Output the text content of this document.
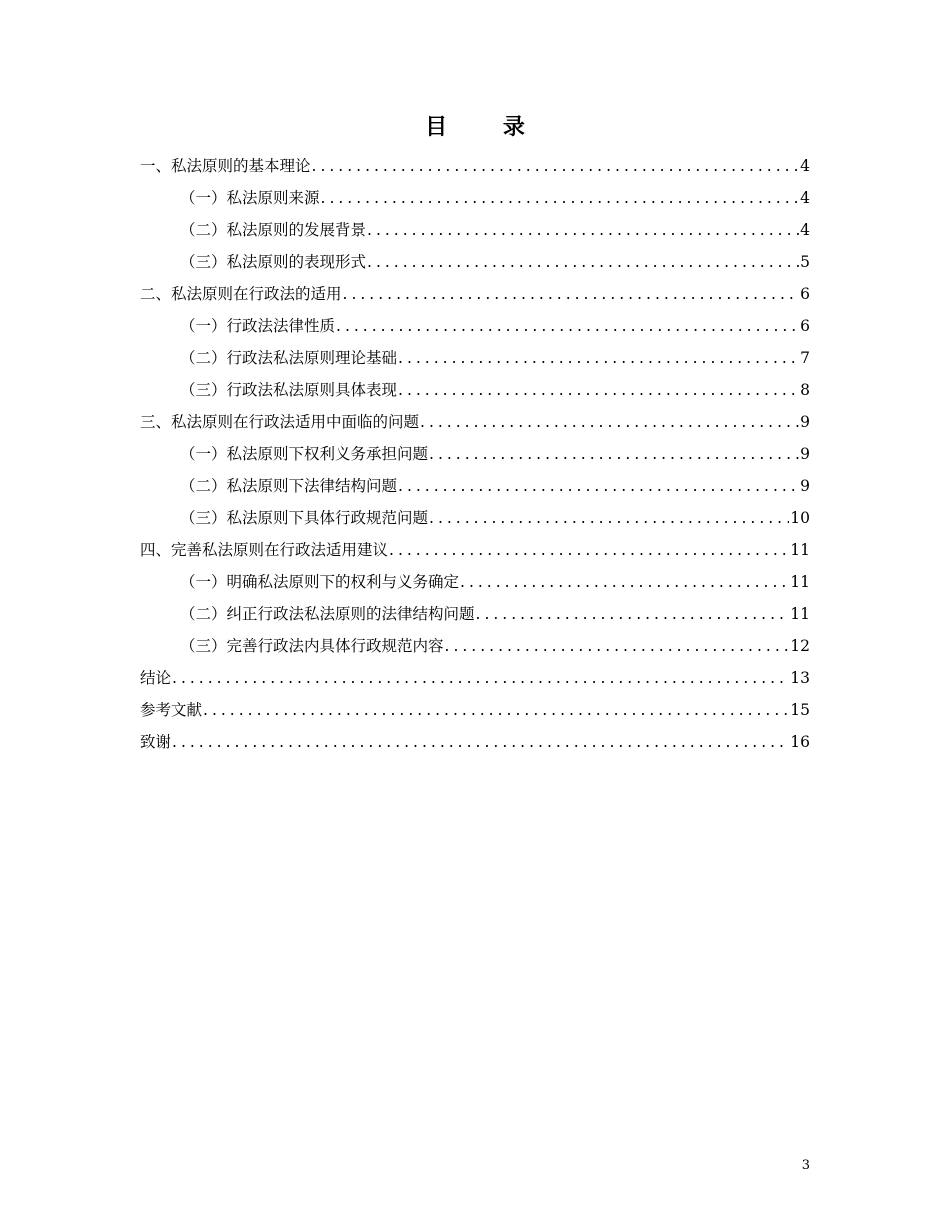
目 录
一、私法原则的基本理论 .....	4
（一）私法原则来源 .....	4
（二）私法原则的发展背景 .....	4
（三）私法原则的表现形式 .....	5
二、私法原则在行政法的适用 .....	6
（一）行政法法律性质 .....	6
（二）行政法私法原则理论基础 .....	7
（三）行政法私法原则具体表现 .....	8
三、私法原则在行政法适用中面临的问题 .....	9
（一）私法原则下权利义务承担问题 .....	9
（二）私法原则下法律结构问题 .....	9
（三）私法原则下具体行政规范问题 .....	10
四、完善私法原则在行政法适用建议 .....	11
（一）明确私法原则下的权利与义务确定 .....	11
（二）纠正行政法私法原则的法律结构问题 .....	11
（三）完善行政法内具体行政规范内容 .....	12
结论 .....	13
参考文献 .....	15
致谢 .....	16
3
